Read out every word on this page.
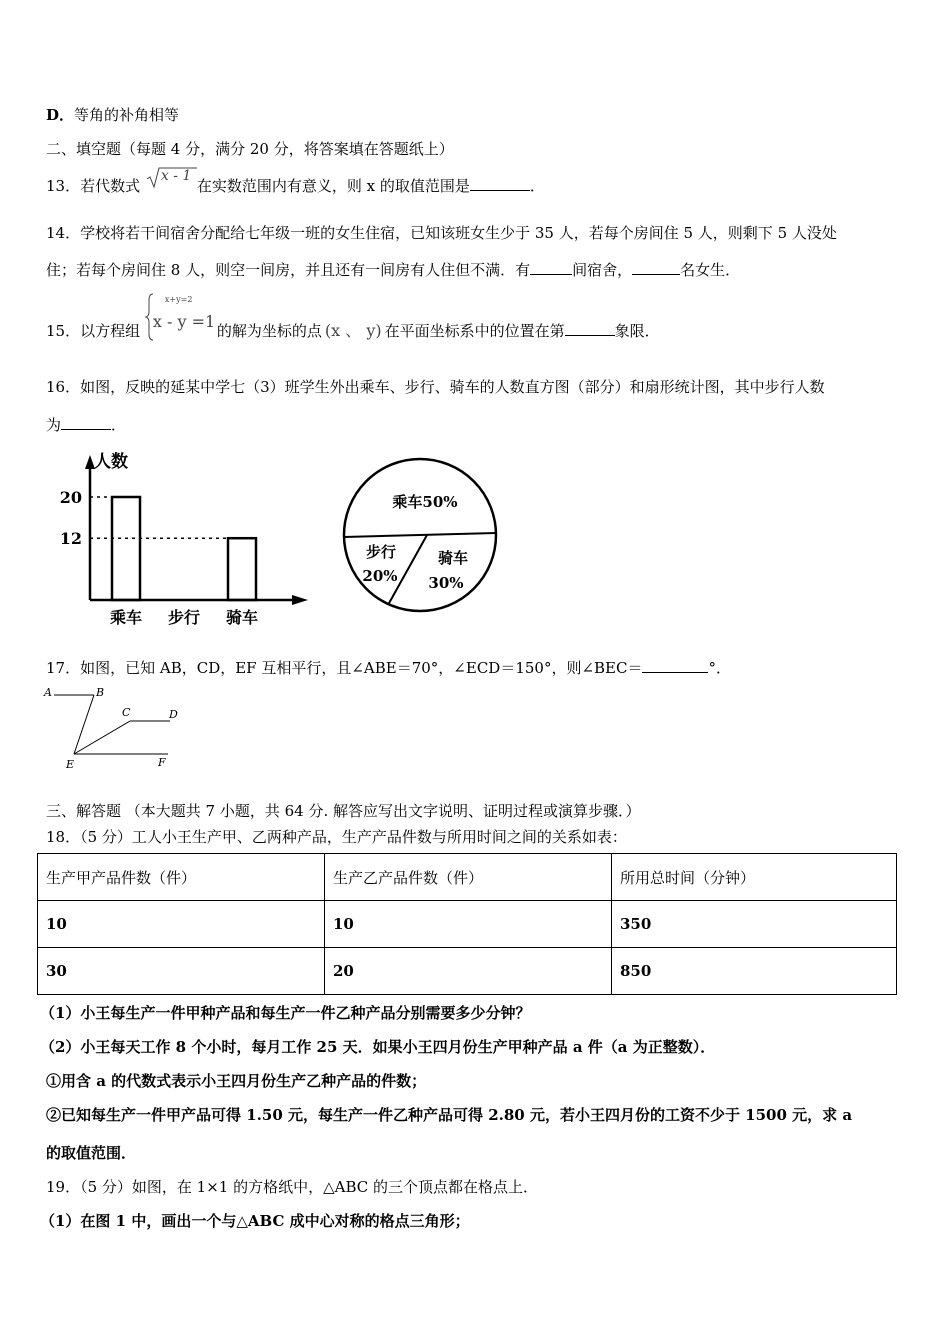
D．等角的补角相等
二、填空题（每题 4 分，满分 20 分，将答案填在答题纸上）
13．若代数式
x - 1
在实数范围内有意义，则 x 的取值范围是	．
14．学校将若干间宿舍分配给七年级一班的女生住宿，已知该班女生少于 35 人，若每个房间住 5 人，则剩下 5 人没处
住；若每个房间住 8 人，则空一间房，并且还有一间房有人住但不满．有	间宿舍，	名女生．
15．以方程组
x+y=2
x - y =1 的解为坐标的点 (x 、 y) 在平面坐标系中的位置在第	象限．
16．如图，反映的延某中学七（3）班学生外出乘车、步行、骑车的人数直方图（部分）和扇形统计图，其中步行人数
为	．
人数
乘车 步行 骑车
12
20	乘车50%
步行
20%
骑车
30%
17．如图，已知 AB，CD，EF 互相平行，且∠ABE＝70°，∠ECD＝150°，则∠BEC＝	°．
A	B
C	D
E	F
三、解答题 （本大题共 7 小题，共 64 分. 解答应写出文字说明、证明过程或演算步骤．）
18．（5 分）工人小王生产甲、乙两种产品，生产产品件数与所用时间之间的关系如表：
生产甲产品件数（件）	生产乙产品件数（件）	所用总时间（分钟）
10	10	350
30	20	850
（1）小王每生产一件甲种产品和每生产一件乙种产品分别需要多少分钟？
（2）小王每天工作 8 个小时，每月工作 25 天．如果小王四月份生产甲种产品 a 件（a 为正整数）．
①用含 a 的代数式表示小王四月份生产乙种产品的件数；
②已知每生产一件甲产品可得 1.50 元，每生产一件乙种产品可得 2.80 元，若小王四月份的工资不少于 1500 元，求 a
的取值范围．
19．（5 分）如图，在 1×1 的方格纸中，△ABC 的三个顶点都在格点上．
（1）在图 1 中，画出一个与△ABC 成中心对称的格点三角形；
